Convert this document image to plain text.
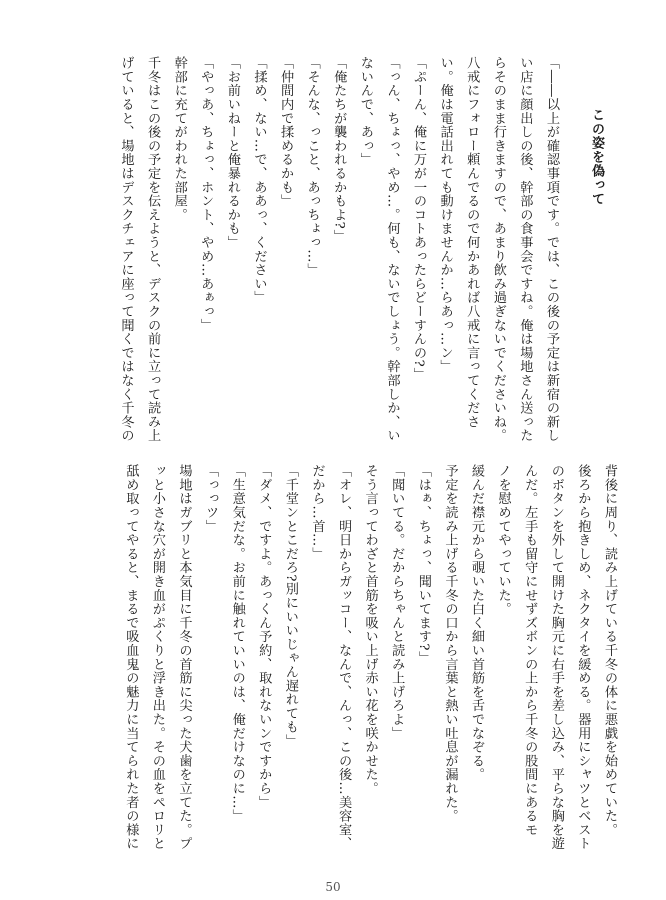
この姿を偽って
「――以上が確認事項です。では、この後の予定は新宿の新し
い店に顔出しの後、幹部の食事会ですね。俺は場地さん送った
らそのまま行きますので、あまり飲み過ぎないでくださいね。
八戒にフォロー頼んでるので何かあれば八戒に言ってくださ
い。俺は電話出れても動けませんか…らあっ…ン」
「ぷーん、俺に万が一のコトあったらどーすんの?」
「っん、ちょっ、やめ…。何も、ないでしょう。幹部しか、い
ないんで、あっ」
「俺たちが襲われるかもよ?」
「そんな、っこと、あっちょっ…」
「仲間内で揉めるかも」
「揉め、ない…で、ああっ、ください」
「お前いねーと俺暴れるかも」
「やっあ、ちょっ、ホント、やめ…あぁっ」
幹部に充てがわれた部屋。
千冬はこの後の予定を伝えようと、デスクの前に立って読み上
げていると、場地はデスクチェアに座って聞くではなく千冬の
背後に周り、読み上げている千冬の体に悪戯を始めていた。
後ろから抱きしめ、ネクタイを緩める。器用にシャツとベスト
のボタンを外して開けた胸元に右手を差し込み、平らな胸を遊
んだ。左手も留守にせずズボンの上から千冬の股間にあるモ
ノを慰めてやっていた。
緩んだ襟元から覗いた白く細い首筋を舌でなぞる。
予定を読み上げる千冬の口から言葉と熱い吐息が漏れた。
「はぁ、ちょっ、聞いてます?」
「聞いてる。だからちゃんと読み上げろよ」
そう言ってわざと首筋を吸い上げ赤い花を咲かせた。
「オレ、明日からガッコー、なんで、んっ、この後…美容室、
だから…首…」
「千堂ンとこだろ?別にいいじゃん遅れても」
「ダメ、ですよ。あっくん予約、取れないンですから」
「生意気だな。お前に触れていいのは、俺だけなのに…」
「っっツ」
場地はガブリと本気目に千冬の首筋に尖った犬歯を立てた。プ
ッと小さな穴が開き血がぷくりと浮き出た。その血をペロリと
舐め取ってやると、まるで吸血鬼の魅力に当てられた者の様に
50
